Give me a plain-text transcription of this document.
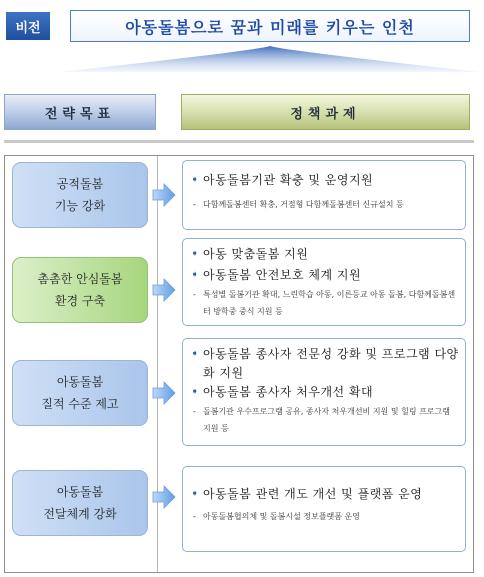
비전	아동돌봄으로 꿈과 미래를 키우는 인천
전략목표	정책과제
공적돌봄
기능 강화
➧ 아동돌봄기관 확충 및 운영지원
- 다함께돌봄센터 확충, 거점형 다함께돌봄센터 신규설치 등
촘촘한 안심돌봄
환경 구축
➧ 아동 맞춤돌봄 지원
➧ 아동돌봄 안전보호 체계 지원
- 특성별 돌봄기관 확대, 느린학습 아동, 이른등교 아동 돌봄, 다함께돌봄센터 방학중 중식 지원 등
아동돌봄
질적 수준 제고
➧ 아동돌봄 종사자 전문성 강화 및 프로그램 다양화 지원
➧ 아동돌봄 종사자 처우개선 확대
- 돌봄기관 우수프로그램 공유, 종사자 처우개선비 지원 및 힐링 프로그램 지원 등
아동돌봄
전달체계 강화
➧ 아동돌봄 관련 개도 개선 및 플랫폼 운영
- 아동돌봄협의체 및 돌봄시설 정보플랫폼 운영
